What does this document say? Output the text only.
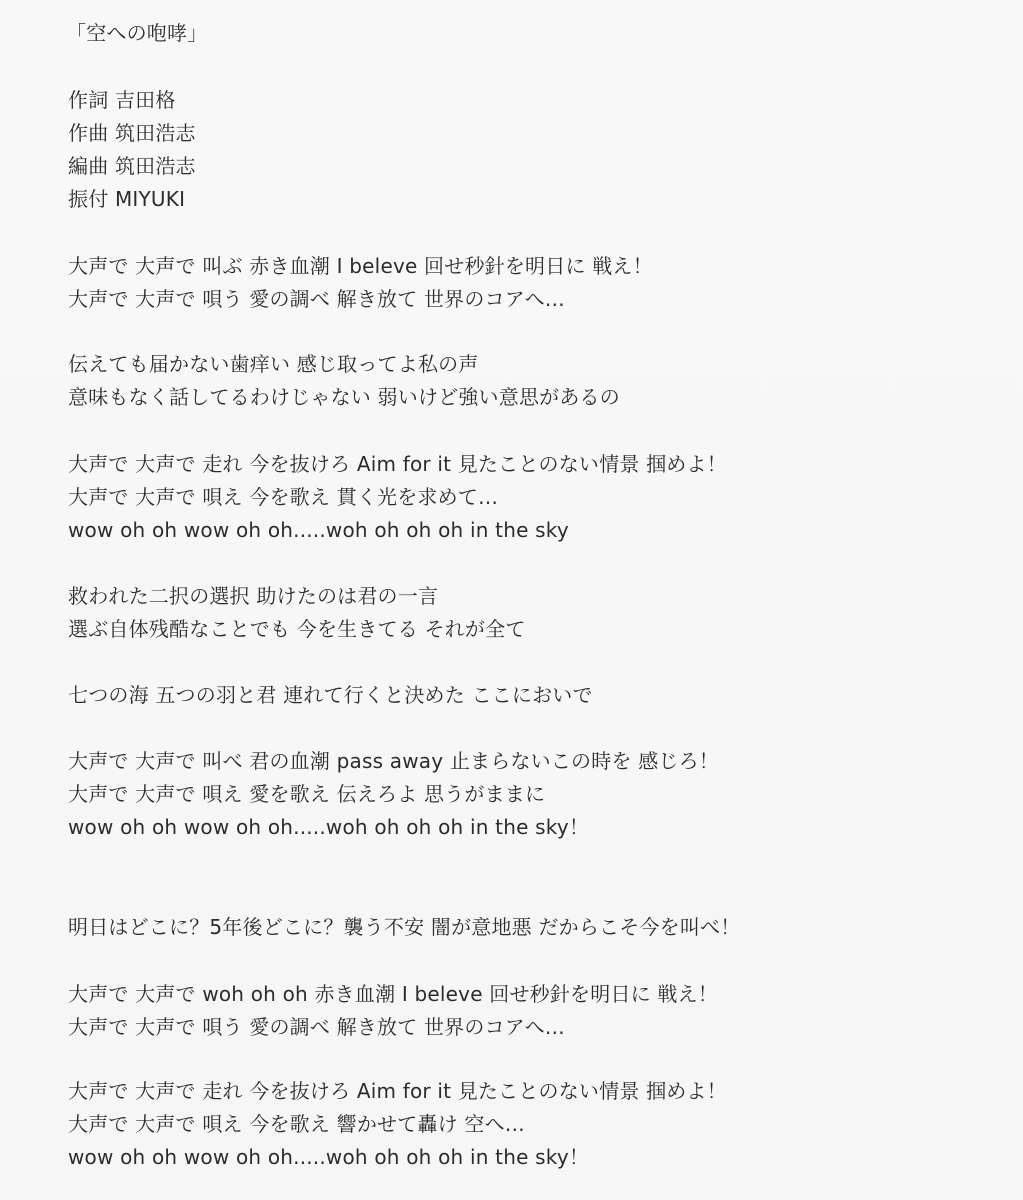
「空への咆哮」
作詞 吉田格
作曲 筑田浩志
編曲 筑田浩志
振付 MIYUKI
大声で 大声で 叫ぶ 赤き血潮 I beleve 回せ秒針を明日に 戦え！
大声で 大声で 唄う 愛の調べ 解き放て 世界のコアへ…
伝えても届かない歯痒い 感じ取ってよ私の声
意味もなく話してるわけじゃない 弱いけど強い意思があるの
大声で 大声で 走れ 今を抜けろ Aim for it 見たことのない情景 掴めよ！
大声で 大声で 唄え 今を歌え 貫く光を求めて…
wow oh oh wow oh oh.....woh oh oh oh in the sky
救われた二択の選択 助けたのは君の一言
選ぶ自体残酷なことでも 今を生きてる それが全て
七つの海 五つの羽と君 連れて行くと決めた ここにおいで
大声で 大声で 叫べ 君の血潮 pass away 止まらないこの時を 感じろ！
大声で 大声で 唄え 愛を歌え 伝えろよ 思うがままに
wow oh oh wow oh oh.....woh oh oh oh in the sky！
明日はどこに？5年後どこに？襲う不安 闇が意地悪 だからこそ今を叫べ！
大声で 大声で woh oh oh 赤き血潮 I beleve 回せ秒針を明日に 戦え！
大声で 大声で 唄う 愛の調べ 解き放て 世界のコアへ…
大声で 大声で 走れ 今を抜けろ Aim for it 見たことのない情景 掴めよ！
大声で 大声で 唄え 今を歌え 響かせて轟け 空へ…
wow oh oh wow oh oh.....woh oh oh oh in the sky！
